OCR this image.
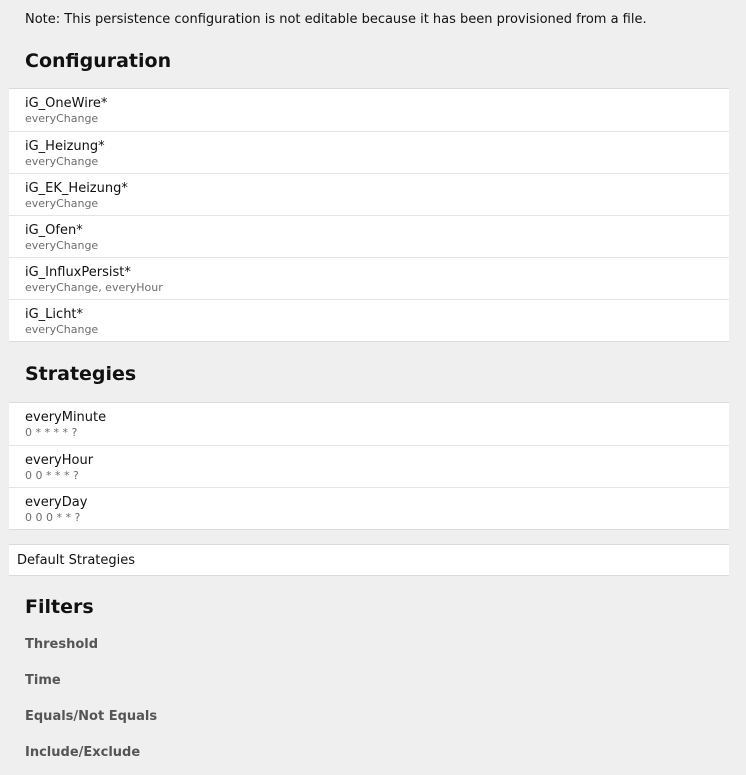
Note: This persistence configuration is not editable because it has been provisioned from a file.
Configuration
iG_OneWire*
everyChange
iG_Heizung*
everyChange
iG_EK_Heizung*
everyChange
iG_Ofen*
everyChange
iG_InfluxPersist*
everyChange, everyHour
iG_Licht*
everyChange
Strategies
everyMinute
0 * * * * ?
everyHour
0 0 * * * ?
everyDay
0 0 0 * * ?
Default Strategies
Filters
Threshold
Time
Equals/Not Equals
Include/Exclude
